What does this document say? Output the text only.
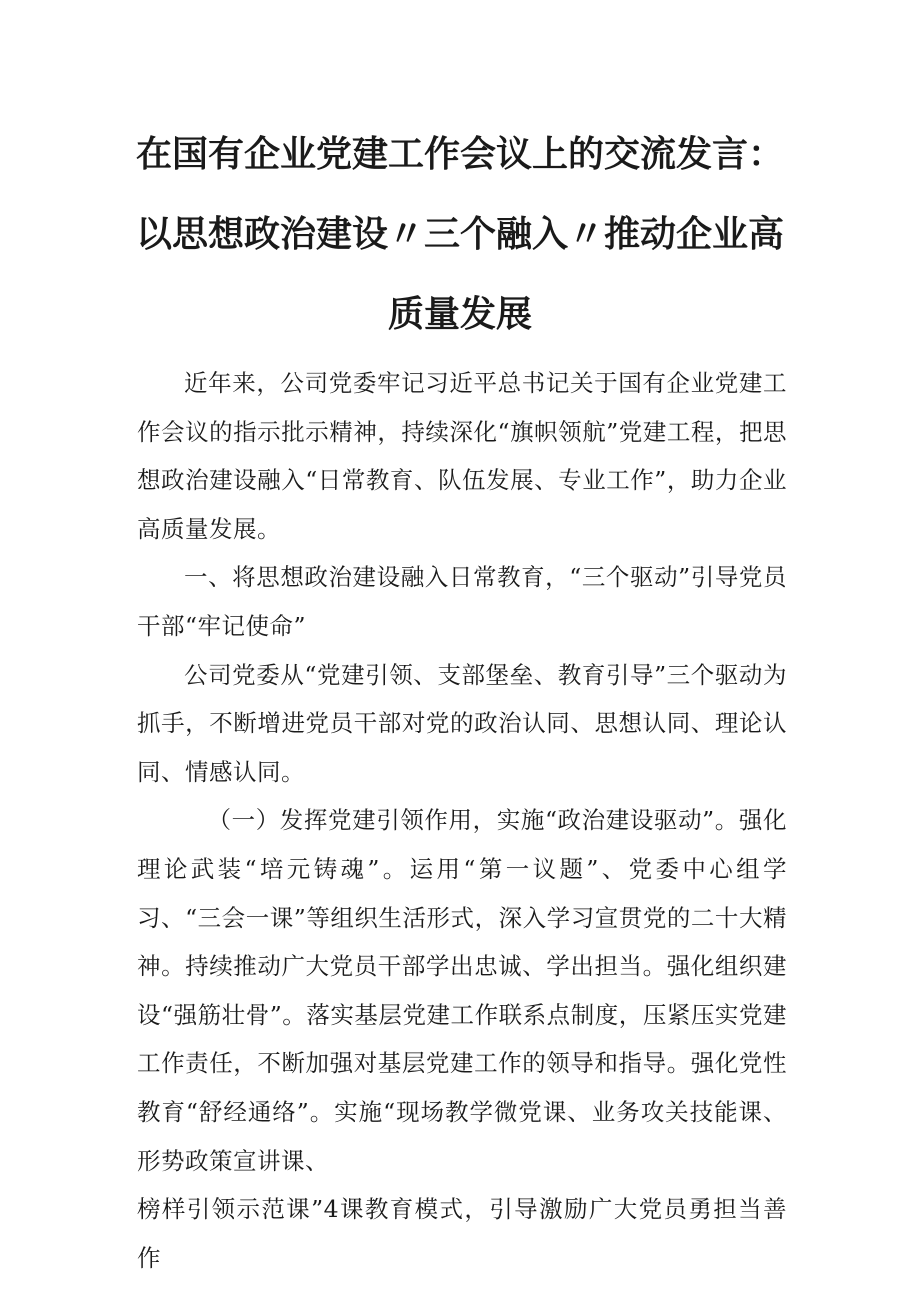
在国有企业党建工作会议上的交流发言：
以思想政治建设〃三个融入〃推动企业高
质量发展

近年来，公司党委牢记习近平总书记关于国有企业党建工作会议的指示批示精神，持续深化“旗帜领航”党建工程，把思想政治建设融入“日常教育、队伍发展、专业工作”，助力企业高质量发展。

一、将思想政治建设融入日常教育，“三个驱动”引导党员干部“牢记使命”

公司党委从“党建引领、支部堡垒、教育引导”三个驱动为抓手，不断增进党员干部对党的政治认同、思想认同、理论认同、情感认同。

（一）发挥党建引领作用，实施“政治建设驱动”。强化理论武装“培元铸魂”。运用“第一议题”、党委中心组学习、“三会一课”等组织生活形式，深入学习宣贯党的二十大精神。持续推动广大党员干部学出忠诚、学出担当。强化组织建设“强筋壮骨”。落实基层党建工作联系点制度，压紧压实党建工作责任，不断加强对基层党建工作的领导和指导。强化党性教育“舒经通络”。实施“现场教学微党课、业务攻关技能课、形势政策宣讲课、

榜样引领示范课”4课教育模式，引导激励广大党员勇担当善作
